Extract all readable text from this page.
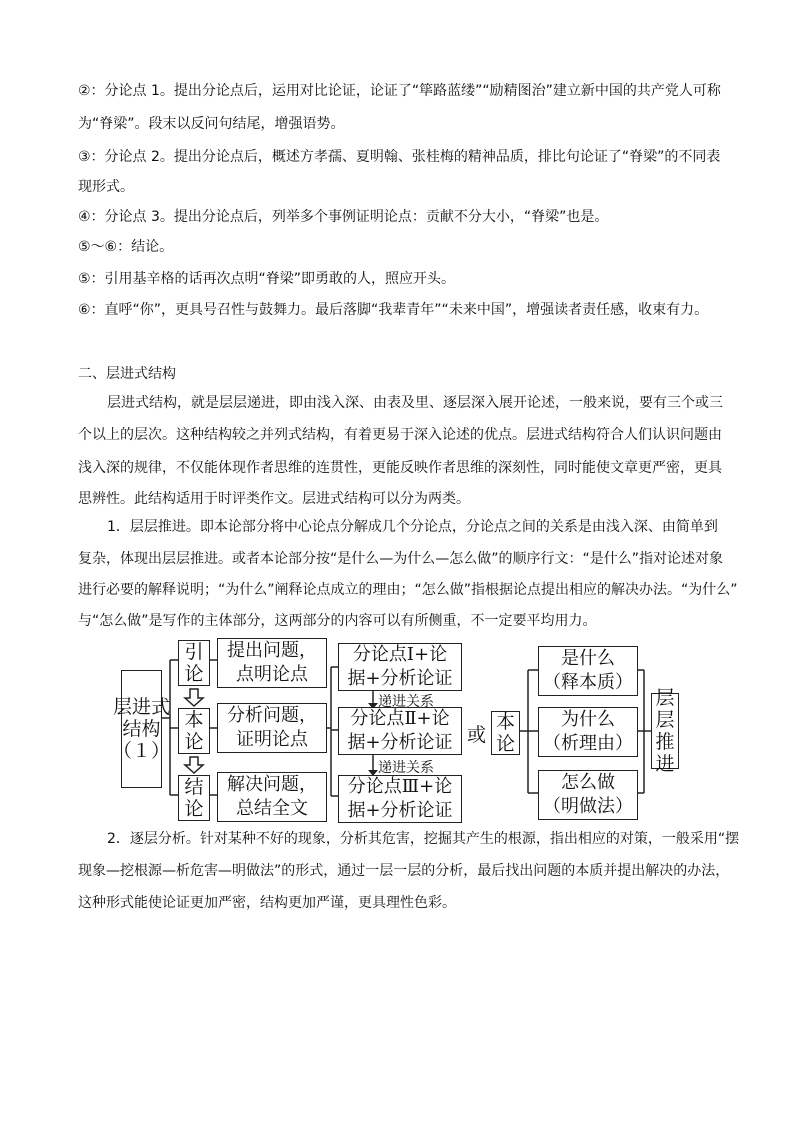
②：分论点 1。提出分论点后，运用对比论证，论证了“筚路蓝缕”“励精图治”建立新中国的共产党人可称
为“脊梁”。段末以反问句结尾，增强语势。
③：分论点 2。提出分论点后，概述方孝孺、夏明翰、张桂梅的精神品质，排比句论证了“脊梁”的不同表
现形式。
④：分论点 3。提出分论点后，列举多个事例证明论点：贡献不分大小，“脊梁”也是。
⑤～⑥：结论。
⑤：引用基辛格的话再次点明“脊梁”即勇敢的人，照应开头。
⑥：直呼“你”，更具号召性与鼓舞力。最后落脚“我辈青年”“未来中国”，增强读者责任感，收束有力。
二、层进式结构
层进式结构，就是层层递进，即由浅入深、由表及里、逐层深入展开论述，一般来说，要有三个或三
个以上的层次。这种结构较之并列式结构，有着更易于深入论述的优点。层进式结构符合人们认识问题由
浅入深的规律，不仅能体现作者思维的连贯性，更能反映作者思维的深刻性，同时能使文章更严密，更具
思辨性。此结构适用于时评类作文。层进式结构可以分为两类。
1．层层推进。即本论部分将中心论点分解成几个分论点，分论点之间的关系是由浅入深、由简单到
复杂，体现出层层推进。或者本论部分按“是什么—为什么—怎么做”的顺序行文：“是什么”指对论述对象
进行必要的解释说明；“为什么”阐释论点成立的理由；“怎么做”指根据论点提出相应的解决办法。“为什么”
与“怎么做”是写作的主体部分，这两部分的内容可以有所侧重，不一定要平均用力。
层进式结构（１）
引论
本论
结论
提出问题，
点明论点
分析问题，
证明论点
解决问题，
总结全文
分论点Ⅰ+论
据+分析论证
分论点Ⅱ+论
据+分析论证
分论点Ⅲ+论
据+分析论证
递进关系
递进关系
或
本论
是什么
（释本质）
为什么
（析理由）
怎么做
（明做法）
层层推进
2．逐层分析。针对某种不好的现象，分析其危害，挖掘其产生的根源，指出相应的对策，一般采用“摆
现象—挖根源—析危害—明做法”的形式，通过一层一层的分析，最后找出问题的本质并提出解决的办法，
这种形式能使论证更加严密，结构更加严谨，更具理性色彩。
